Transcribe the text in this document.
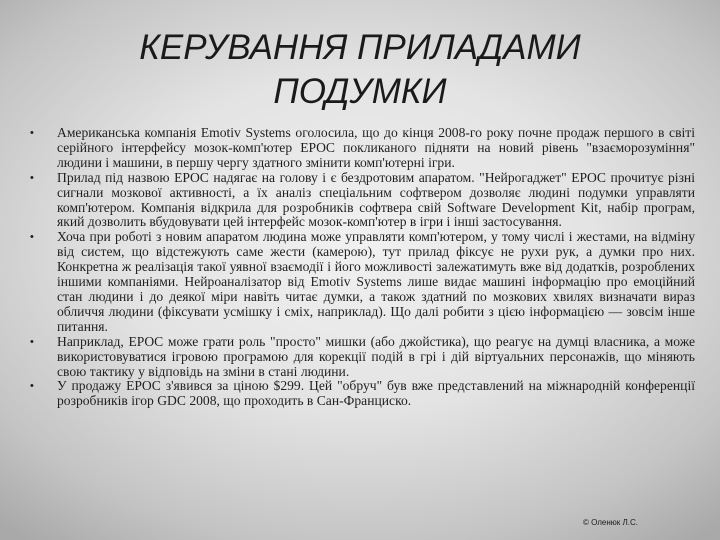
КЕРУВАННЯ ПРИЛАДАМИ
ПОДУМКИ
• Американська компанія Emotiv Systems оголосила, що до кінця 2008-го року почне продаж першого в світі серійного інтерфейсу мозок-комп'ютер EPOC покликаного підняти на новий рівень "взаєморозуміння" людини і машини, в першу чергу здатного змінити комп'ютерні ігри.
• Прилад під назвою EPOC надягає на голову і є бездротовим апаратом. "Нейрогаджет" EPOC прочитує різні сигнали мозкової активності, а їх аналіз спеціальним софтвером дозволяє людині подумки управляти комп'ютером. Компанія відкрила для розробників софтвера свій Software Development Kit, набір програм, який дозволить вбудовувати цей інтерфейс мозок-комп'ютер в ігри і інші застосування.
• Хоча при роботі з новим апаратом людина може управляти комп'ютером, у тому числі і жестами, на відміну від систем, що відстежують саме жести (камерою), тут прилад фіксує не рухи рук, а думки про них. Конкретна ж реалізація такої уявної взаємодії і його можливості залежатимуть вже від додатків, розроблених іншими компаніями. Нейроаналізатор від Emotiv Systems лише видає машині інформацію про емоційний стан людини і до деякої міри навіть читає думки, а також здатний по мозкових хвилях визначати вираз обличчя людини (фіксувати усмішку і сміх, наприклад). Що далі робити з цією інформацією — зовсім інше питання.
• Наприклад, EPOC може грати роль "просто" мишки (або джойстика), що реагує на думці власника, а може використовуватися ігровою програмою для корекції подій в грі і дій віртуальних персонажів, що міняють свою тактику у відповідь на зміни в стані людини.
• У продажу EPOC з'явився за ціною $299. Цей "обруч" був вже представлений на міжнародній конференції розробників ігор GDC 2008, що проходить в Сан-Франциско.
© Оленюк Л.С.
